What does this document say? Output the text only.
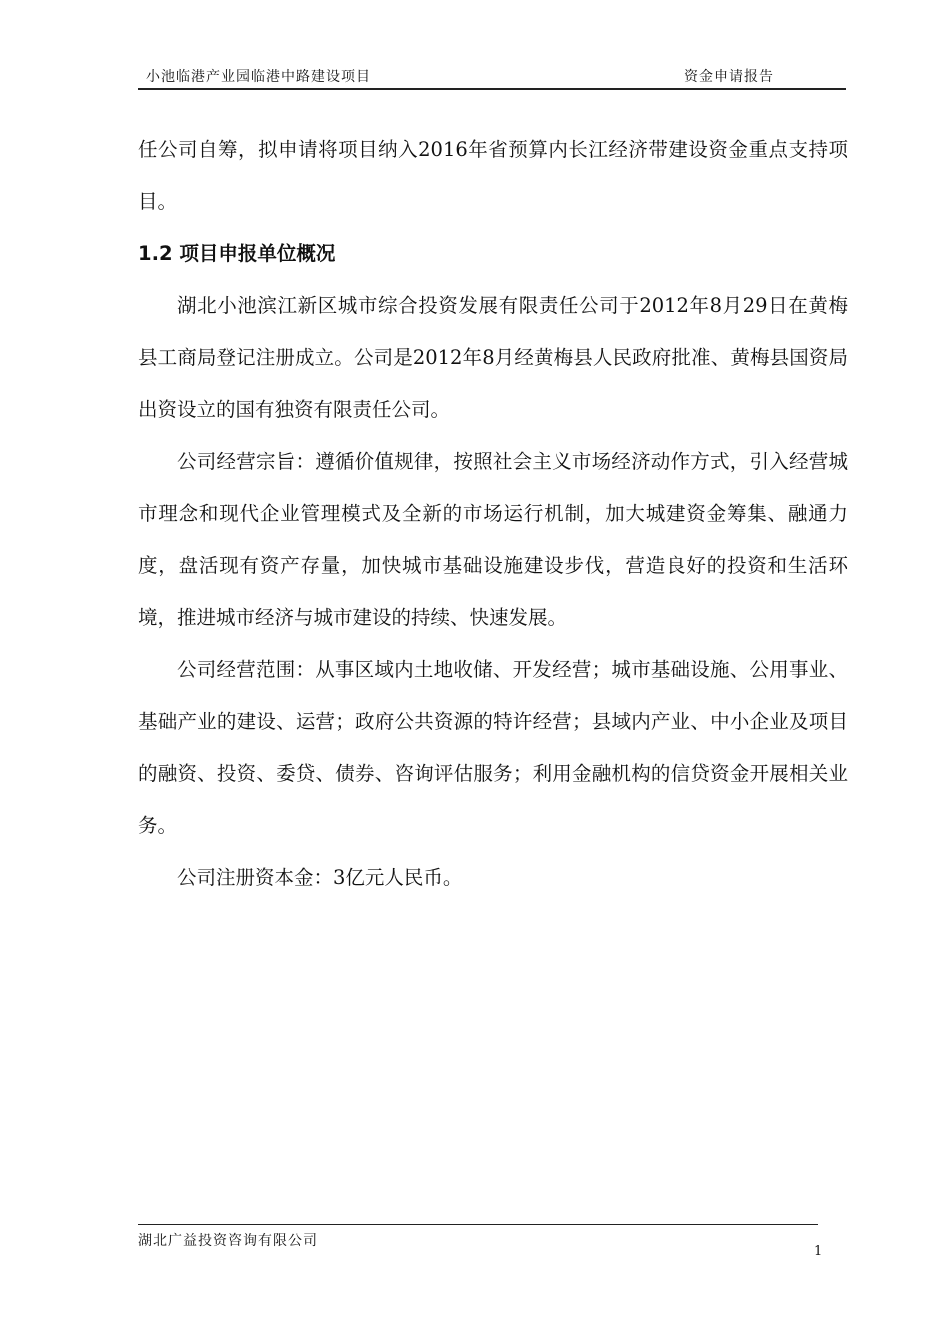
小池临港产业园临港中路建设项目	资金申请报告

任公司自筹，拟申请将项目纳入2016年省预算内长江经济带建设资金重点支持项目。

1.2 项目申报单位概况

湖北小池滨江新区城市综合投资发展有限责任公司于2012年8月29日在黄梅县工商局登记注册成立。公司是2012年8月经黄梅县人民政府批准、黄梅县国资局出资设立的国有独资有限责任公司。

公司经营宗旨：遵循价值规律，按照社会主义市场经济动作方式，引入经营城市理念和现代企业管理模式及全新的市场运行机制，加大城建资金筹集、融通力度，盘活现有资产存量，加快城市基础设施建设步伐，营造良好的投资和生活环境，推进城市经济与城市建设的持续、快速发展。

公司经营范围：从事区域内土地收储、开发经营；城市基础设施、公用事业、基础产业的建设、运营；政府公共资源的特许经营；县域内产业、中小企业及项目的融资、投资、委贷、债券、咨询评估服务；利用金融机构的信贷资金开展相关业务。

公司注册资本金：3亿元人民币。

湖北广益投资咨询有限公司
1
